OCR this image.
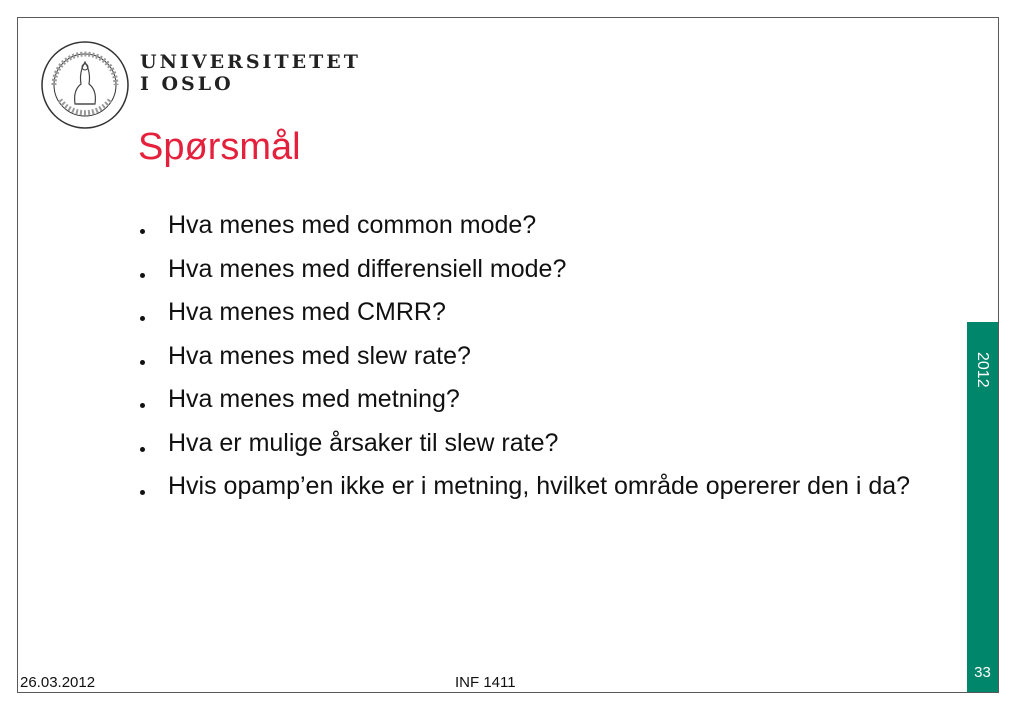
UNIVERSITETET
I OSLO
Spørsmål
Hva menes med common mode?
Hva menes med differensiell mode?
Hva menes med CMRR?
Hva menes med slew rate?
Hva menes med metning?
Hva er mulige årsaker til slew rate?
Hvis opamp’en ikke er i metning, hvilket område opererer den i da?
2012
33
26.03.2012	INF 1411
